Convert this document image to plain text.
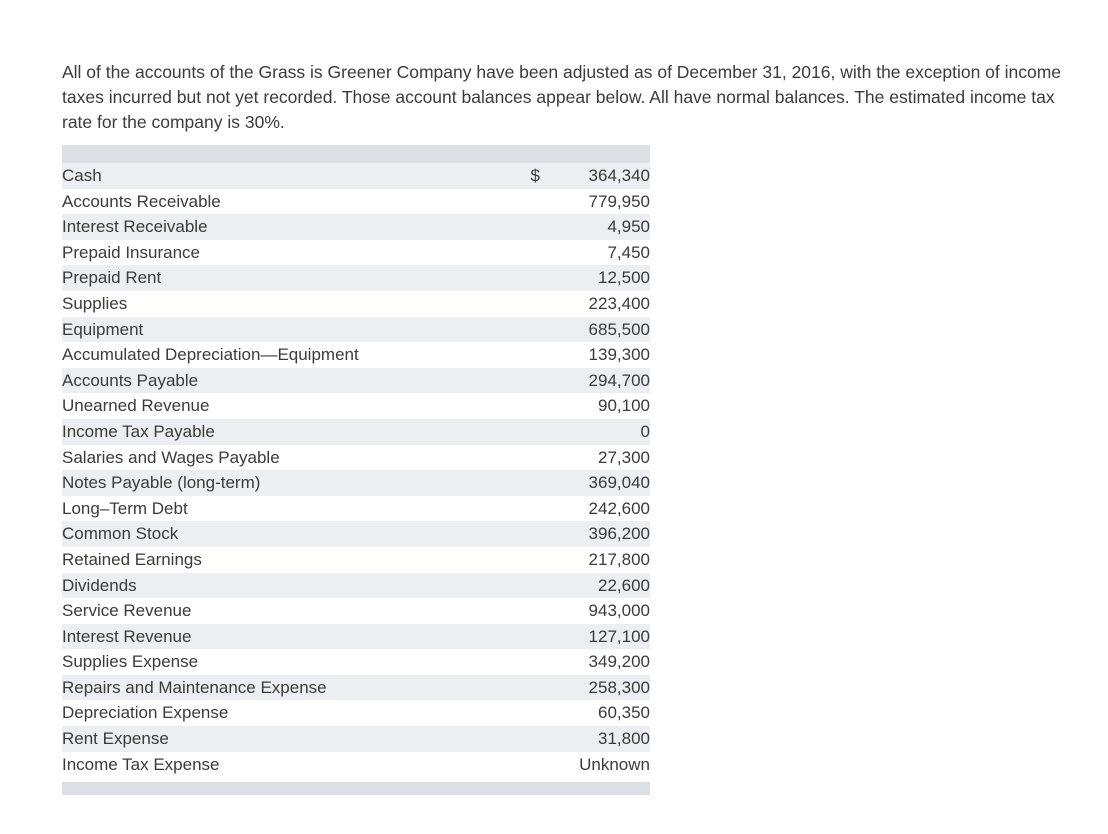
All of the accounts of the Grass is Greener Company have been adjusted as of December 31, 2016, with the exception of income taxes incurred but not yet recorded. Those account balances appear below. All have normal balances. The estimated income tax rate for the company is 30%.

Cash	$	364,340
Accounts Receivable		779,950
Interest Receivable		4,950
Prepaid Insurance		7,450
Prepaid Rent		12,500
Supplies		223,400
Equipment		685,500
Accumulated Depreciation—Equipment		139,300
Accounts Payable		294,700
Unearned Revenue		90,100
Income Tax Payable		0
Salaries and Wages Payable		27,300
Notes Payable (long-term)		369,040
Long–Term Debt		242,600
Common Stock		396,200
Retained Earnings		217,800
Dividends		22,600
Service Revenue		943,000
Interest Revenue		127,100
Supplies Expense		349,200
Repairs and Maintenance Expense		258,300
Depreciation Expense		60,350
Rent Expense		31,800
Income Tax Expense		Unknown
